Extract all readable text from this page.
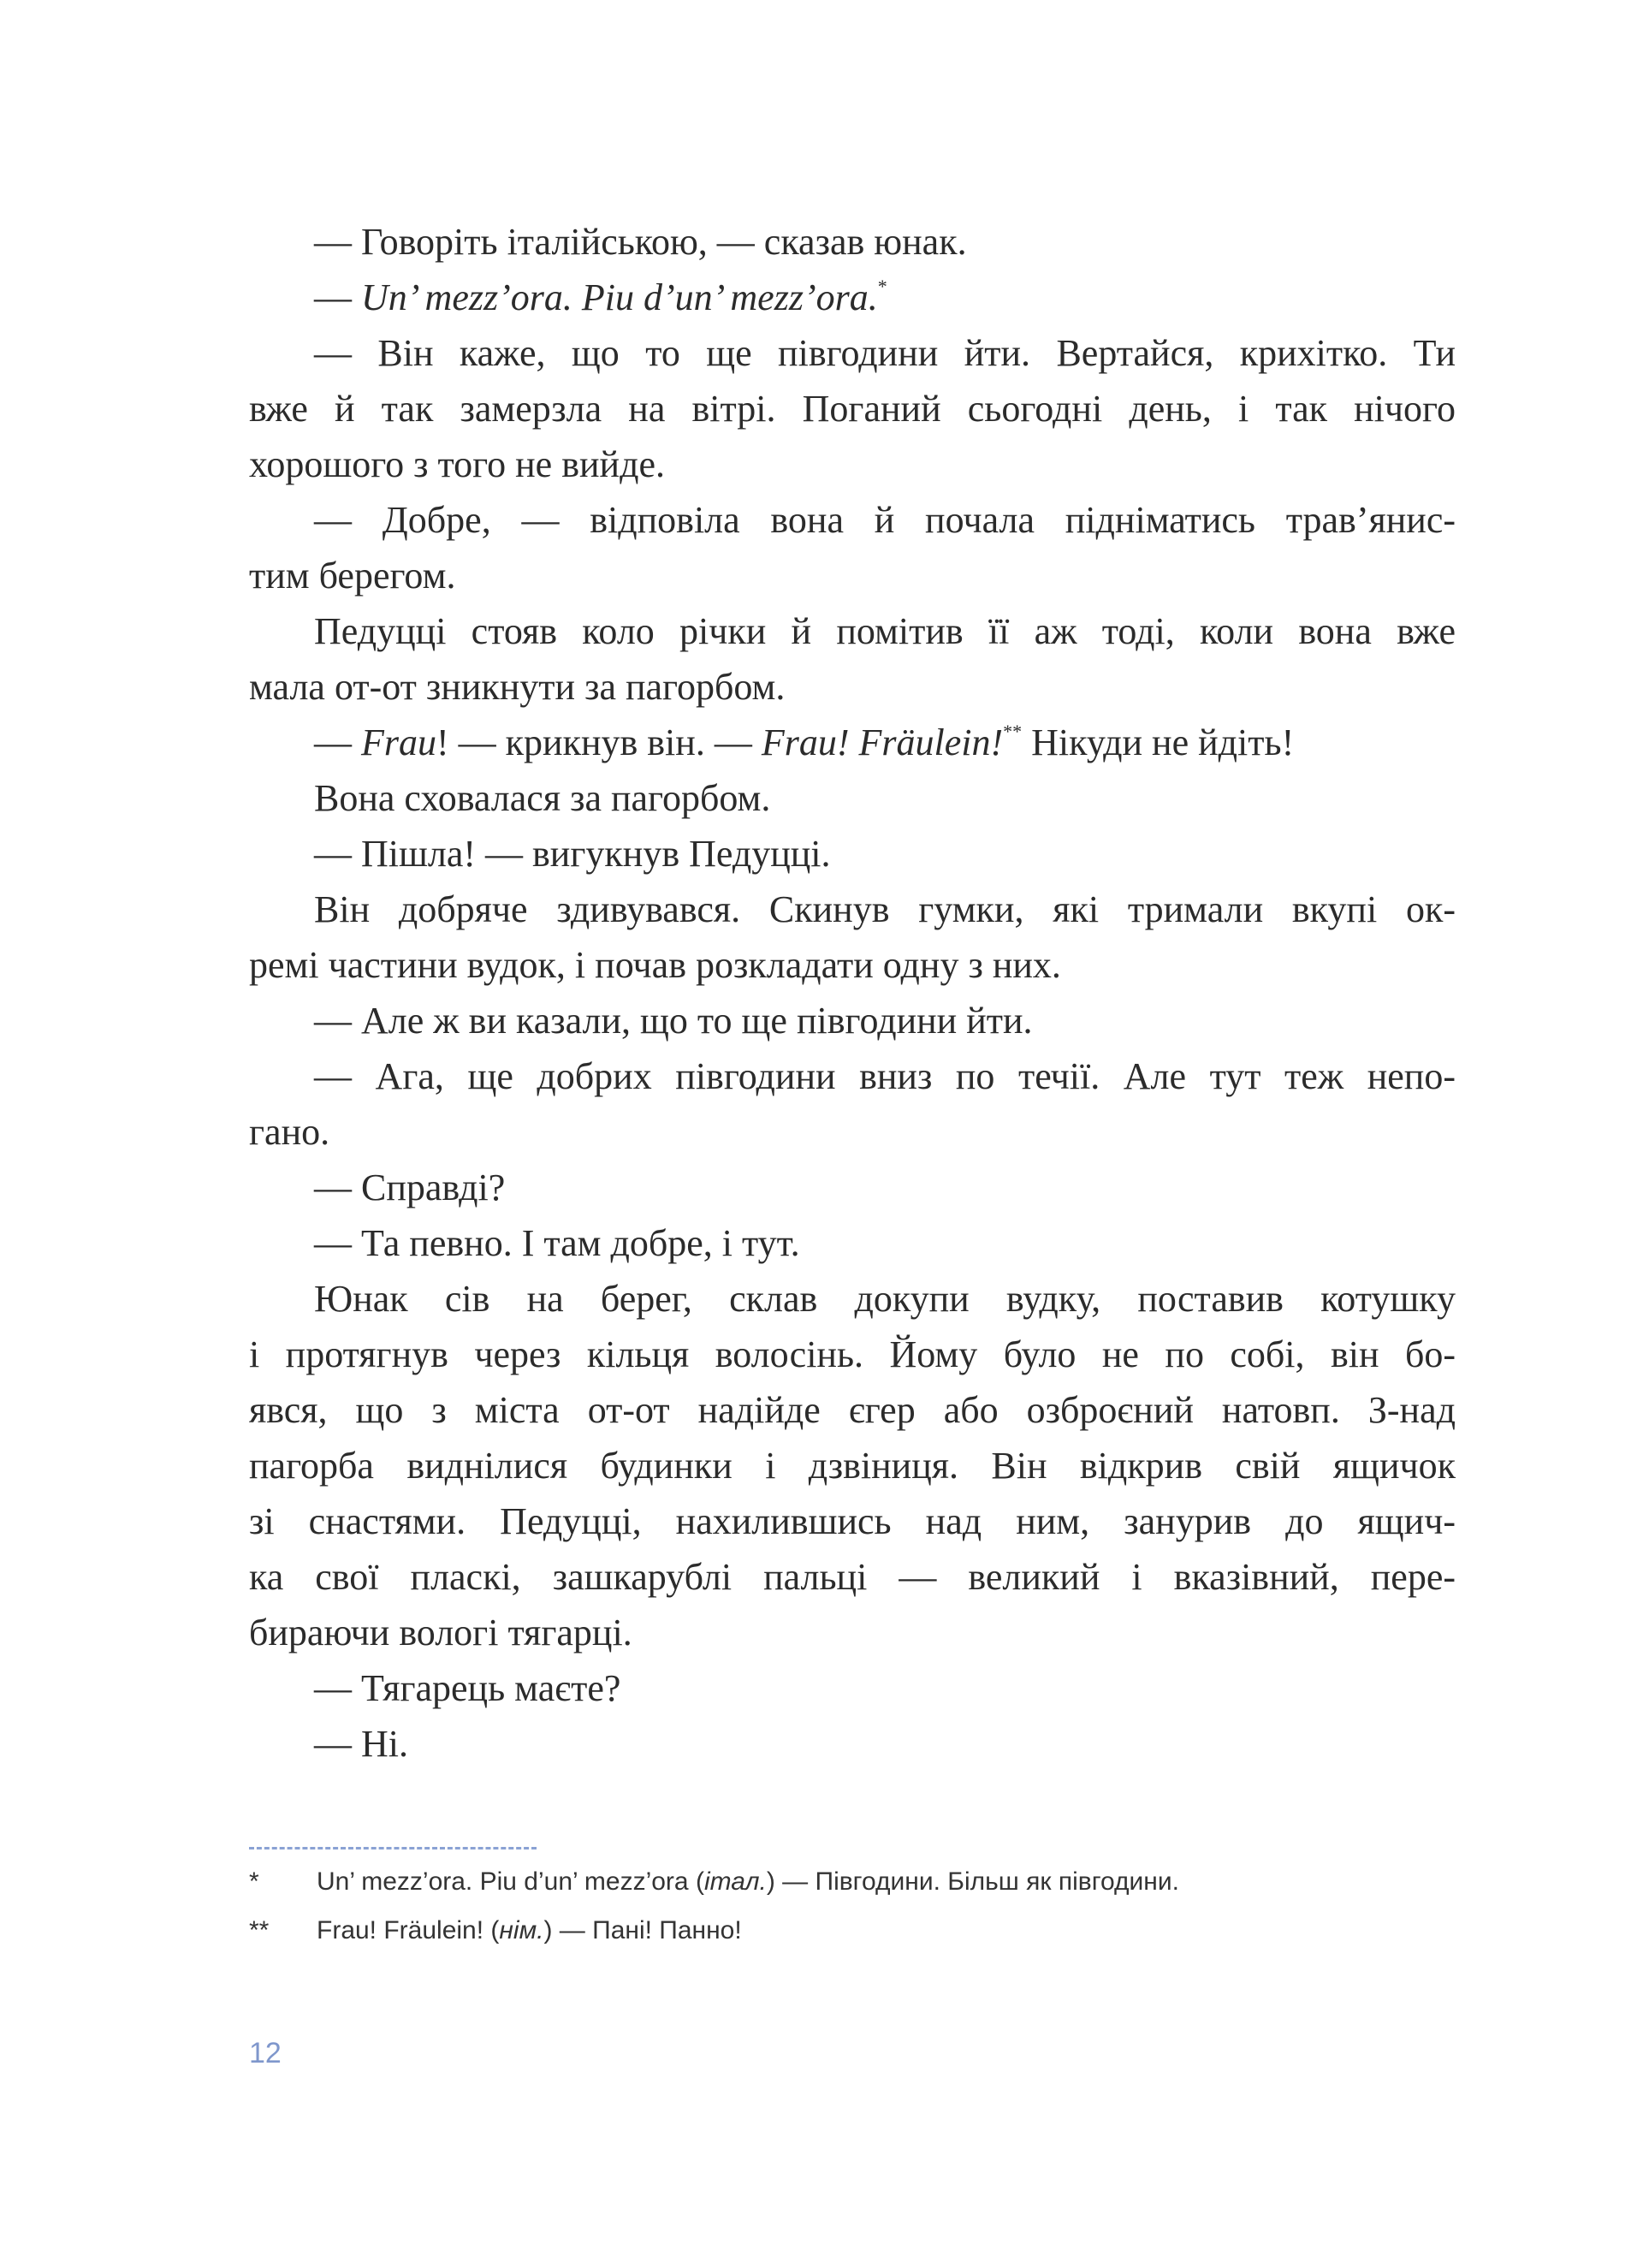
— Говоріть італійською, — сказав юнак.
— Un’ mezz’ora. Piu d’un’ mezz’ora.*
— Він каже, що то ще півгодини йти. Вертайся, крихітко. Ти
вже й так замерзла на вітрі. Поганий сьогодні день, і так нічого
хорошого з того не вийде.
— Добре, — відповіла вона й почала підніматись трав’янис-
тим берегом.
Педуцці стояв коло річки й помітив її аж тоді, коли вона вже
мала от-от зникнути за пагорбом.
— Frau! — крикнув він. — Frau! Fräulein!** Нікуди не йдіть!
Вона сховалася за пагорбом.
— Пішла! — вигукнув Педуцці.
Він добряче здивувався. Скинув гумки, які тримали вкупі ок-
ремі частини вудок, і почав розкладати одну з них.
— Але ж ви казали, що то ще півгодини йти.
— Ага, ще добрих півгодини вниз по течії. Але тут теж непо-
гано.
— Справді?
— Та певно. І там добре, і тут.
Юнак сів на берег, склав докупи вудку, поставив котушку
і протягнув через кільця волосінь. Йому було не по собі, він бо-
явся, що з міста от-от надійде єгер або озброєний натовп. З-над
пагорба виднілися будинки і дзвіниця. Він відкрив свій ящичок
зі снастями. Педуцці, нахилившись над ним, занурив до ящич-
ка свої плаcкі, зашкарублі пальці — великий і вказівний, пере-
бираючи вологі тягарці.
— Тягарець маєте?
— Ні.
* Un’ mezz’ora. Piu d’un’ mezz’ora (італ.) — Півгодини. Більш як півгодини.
** Frau! Fräulein! (нім.) — Пані! Панно!
12
